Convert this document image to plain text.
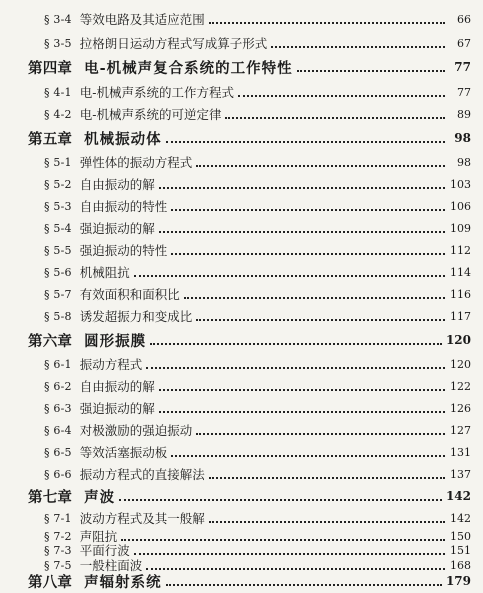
§ 3-4 等效电路及其适应范围	66
§ 3-5 拉格朗日运动方程式写成算子形式	67
第四章 电-机械声复合系统的工作特性	77
§ 4-1 电-机械声系统的工作方程式	77
§ 4-2 电-机械声系统的可逆定律	89
第五章 机械振动体	98
§ 5-1 弹性体的振动方程式	98
§ 5-2 自由振动的解	103
§ 5-3 自由振动的特性	106
§ 5-4 强迫振动的解	109
§ 5-5 强迫振动的特性	112
§ 5-6 机械阻抗	114
§ 5-7 有效面积和面积比	116
§ 5-8 诱发超振力和变成比	117
第六章 圆形振膜	120
§ 6-1 振动方程式	120
§ 6-2 自由振动的解	122
§ 6-3 强迫振动的解	126
§ 6-4 对极激励的强迫振动	127
§ 6-5 等效活塞振动板	131
§ 6-6 振动方程式的直接解法	137
第七章 声波	142
§ 7-1 波动方程式及其一般解	142
§ 7-2 声阻抗	150
§ 7-3 平面行波	151
§ 7-5 一般柱面波	168
第八章 声辐射系统	179
